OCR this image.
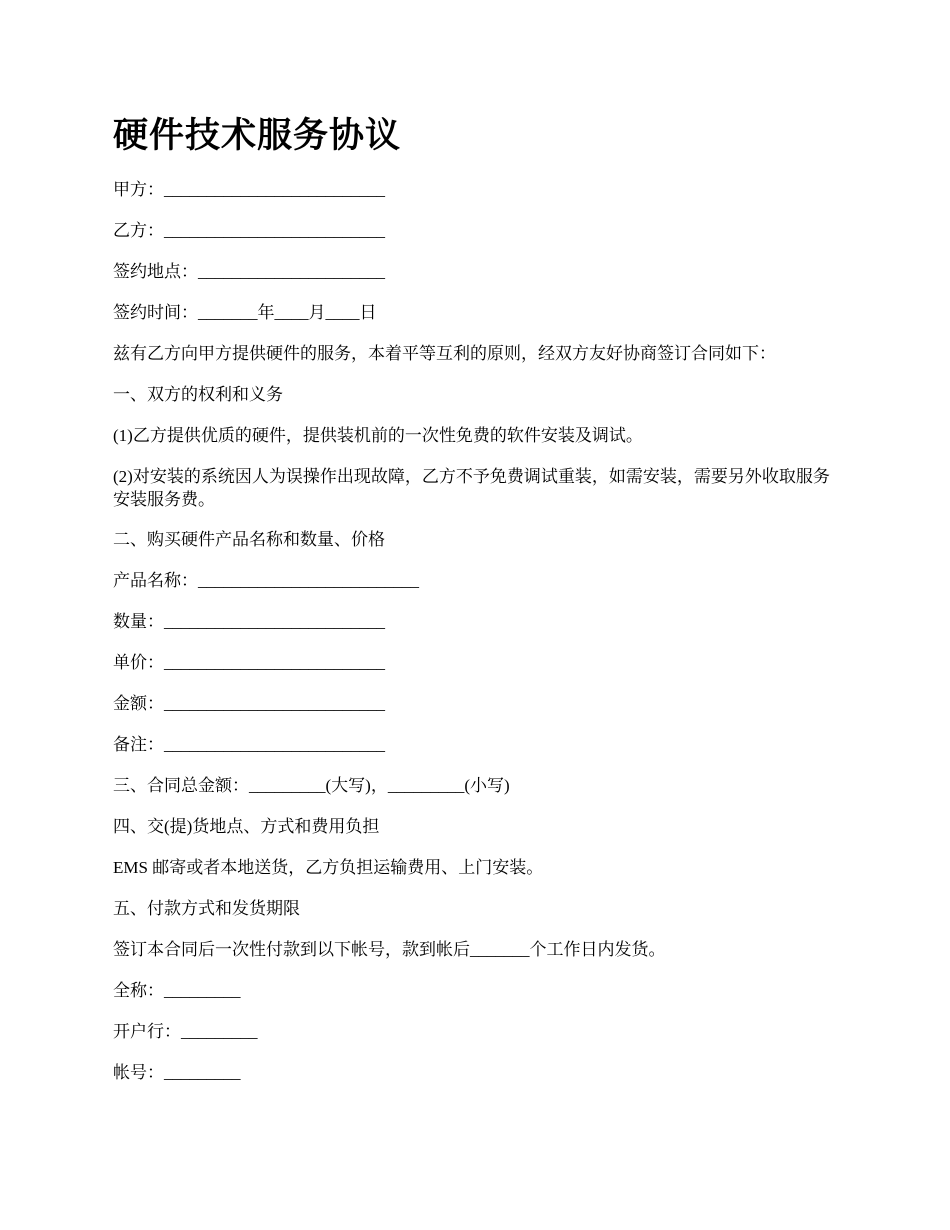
硬件技术服务协议

甲方：__________________________

乙方：__________________________

签约地点：______________________

签约时间：_______年____月____日

兹有乙方向甲方提供硬件的服务，本着平等互利的原则，经双方友好协商签订合同如下：

一、双方的权利和义务

(1)乙方提供优质的硬件，提供装机前的一次性免费的软件安装及调试。

(2)对安装的系统因人为误操作出现故障，乙方不予免费调试重装，如需安装，需要另外收取服务安装服务费。

二、购买硬件产品名称和数量、价格

产品名称：__________________________

数量：__________________________

单价：__________________________

金额：__________________________

备注：__________________________

三、合同总金额：_________(大写)，_________(小写)

四、交(提)货地点、方式和费用负担

EMS 邮寄或者本地送货，乙方负担运输费用、上门安装。

五、付款方式和发货期限

签订本合同后一次性付款到以下帐号，款到帐后_______个工作日内发货。

全称：_________

开户行：_________

帐号：_________
